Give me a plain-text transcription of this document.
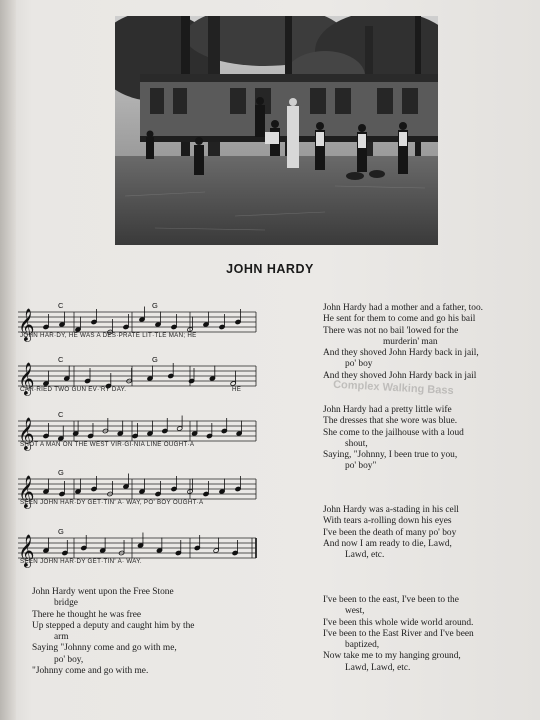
JOHN HARDY
Complex Walking Bass
𝄞
C	G
JOHN HAR·DY, HE WAS A DES·PRATE LIT·TLE MAN; HE
𝄞
C	G
CAR·RIED TWO GUN EV·'RY DAY.	HE
𝄞
C
SHOT A MAN ON THE WEST VIR·GI·NIA LINE OUGHT·A
𝄞
G
SEEN JOHN HAR·DY GET·TIN' A· WAY, PO' BOY OUGHT·A
𝄞
G
SEEN JOHN HAR·DY GET·TIN' A· WAY.
John Hardy had a mother and a father, too.
He sent for them to come and go his bail
There was not no bail 'lowed for the
murderin' man
And they shoved John Hardy back in jail,
po' boy
And they shoved John Hardy back in jail
John Hardy had a pretty little wife
The dresses that she wore was blue.
She come to the jailhouse with a loud
shout,
Saying, "Johnny, I been true to you,
po' boy"
John Hardy was a-stading in his cell
With tears a-rolling down his eyes
I've been the death of many po' boy
And now I am ready to die, Lawd,
Lawd, etc.
I've been to the east, I've been to the
west,
I've been this whole wide world around.
I've been to the East River and I've been
baptized,
Now take me to my hanging ground,
Lawd, Lawd, etc.
John Hardy went upon the Free Stone
bridge
There he thought he was free
Up stepped a deputy and caught him by the
arm
Saying "Johnny come and go with me,
po' boy,
"Johnny come and go with me.
